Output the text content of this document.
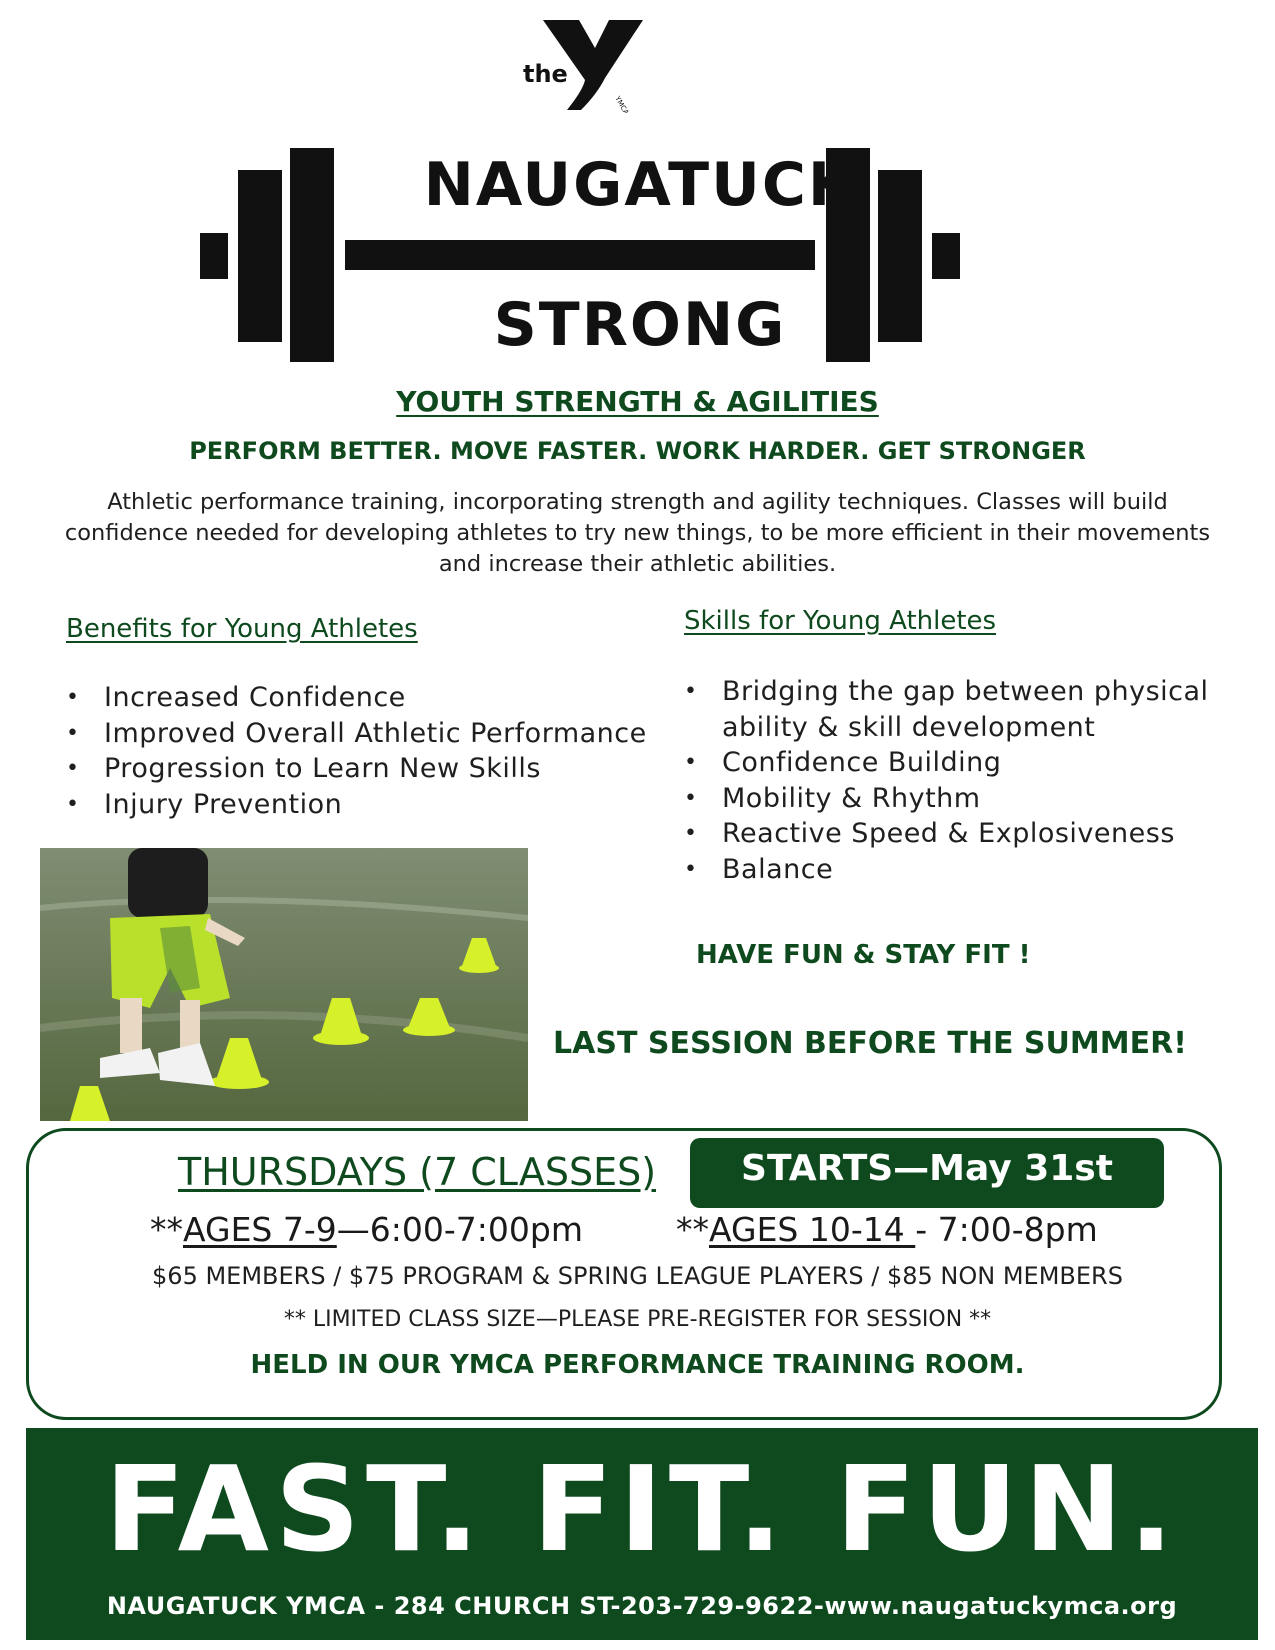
the
YMCA
NAUGATUCK
STRONG
YOUTH STRENGTH & AGILITIES
PERFORM BETTER. MOVE FASTER. WORK HARDER. GET STRONGER
Athletic performance training, incorporating strength and agility techniques. Classes will build confidence needed for developing athletes to try new things, to be more efficient in their movements and increase their athletic abilities.
Benefits for Young Athletes
• Increased Confidence
• Improved Overall Athletic Performance
• Progression to Learn New Skills
• Injury Prevention
Skills for Young Athletes
• Bridging the gap between physical ability & skill development
• Confidence Building
• Mobility & Rhythm
• Reactive Speed & Explosiveness
• Balance
HAVE FUN & STAY FIT !
LAST SESSION BEFORE THE SUMMER!
THURSDAYS (7 CLASSES)	STARTS—May 31st
**AGES 7-9—6:00-7:00pm	**AGES 10-14 - 7:00-8pm
$65 MEMBERS / $75 PROGRAM & SPRING LEAGUE PLAYERS / $85 NON MEMBERS
** LIMITED CLASS SIZE—PLEASE PRE-REGISTER FOR SESSION **
HELD IN OUR YMCA PERFORMANCE TRAINING ROOM.
FAST. FIT. FUN.
NAUGATUCK YMCA - 284 CHURCH ST-203-729-9622-www.naugatuckymca.org
